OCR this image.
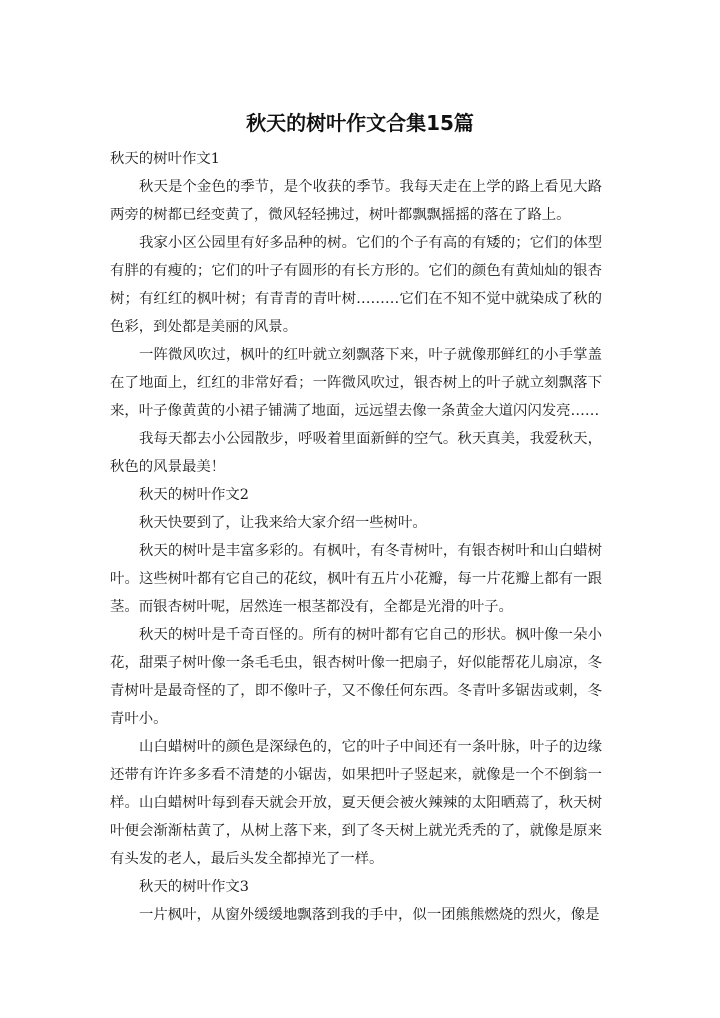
秋天的树叶作文合集15篇

秋天的树叶作文1

秋天是个金色的季节，是个收获的季节。我每天走在上学的路上看见大路两旁的树都已经变黄了，微风轻轻拂过，树叶都飘飘摇摇的落在了路上。

我家小区公园里有好多品种的树。它们的个子有高的有矮的；它们的体型有胖的有瘦的；它们的叶子有圆形的有长方形的。它们的颜色有黄灿灿的银杏树；有红红的枫叶树；有青青的青叶树………它们在不知不觉中就染成了秋的色彩，到处都是美丽的风景。

一阵微风吹过，枫叶的红叶就立刻飘落下来，叶子就像那鲜红的小手掌盖在了地面上，红红的非常好看；一阵微风吹过，银杏树上的叶子就立刻飘落下来，叶子像黄黄的小裙子铺满了地面，远远望去像一条黄金大道闪闪发亮……

我每天都去小公园散步，呼吸着里面新鲜的空气。秋天真美，我爱秋天，秋色的风景最美！

秋天的树叶作文2

秋天快要到了，让我来给大家介绍一些树叶。

秋天的树叶是丰富多彩的。有枫叶，有冬青树叶，有银杏树叶和山白蜡树叶。这些树叶都有它自己的花纹，枫叶有五片小花瓣，每一片花瓣上都有一跟茎。而银杏树叶呢，居然连一根茎都没有，全都是光滑的叶子。

秋天的树叶是千奇百怪的。所有的树叶都有它自己的形状。枫叶像一朵小花，甜栗子树叶像一条毛毛虫，银杏树叶像一把扇子，好似能帮花儿扇凉，冬青树叶是最奇怪的了，即不像叶子，又不像任何东西。冬青叶多锯齿或刺，冬青叶小。

山白蜡树叶的颜色是深绿色的，它的叶子中间还有一条叶脉，叶子的边缘还带有许许多多看不清楚的小锯齿，如果把叶子竖起来，就像是一个不倒翁一样。山白蜡树叶每到春天就会开放，夏天便会被火辣辣的太阳晒蔫了，秋天树叶便会渐渐枯黄了，从树上落下来，到了冬天树上就光秃秃的了，就像是原来有头发的老人，最后头发全都掉光了一样。

秋天的树叶作文3

一片枫叶，从窗外缓缓地飘落到我的手中，似一团熊熊燃烧的烈火，像是
